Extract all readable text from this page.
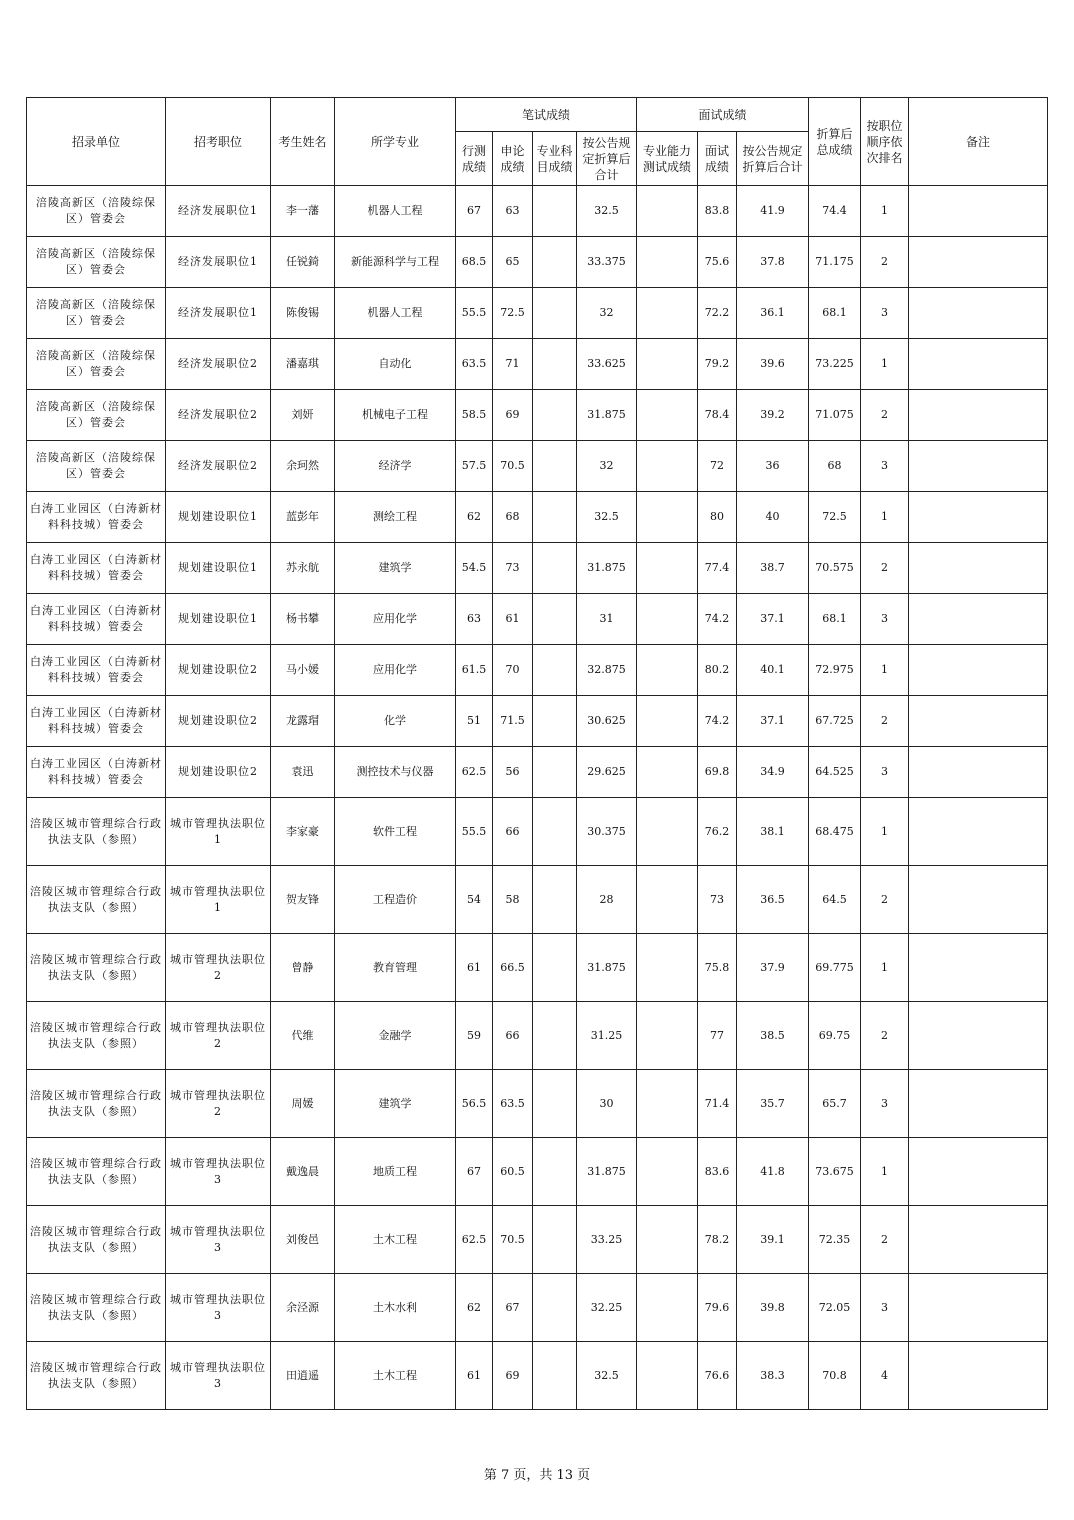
招录单位	招考职位	考生姓名	所学专业	笔试成绩				面试成绩			折算后总成绩	按职位顺序依次排名	备注
				行测成绩	申论成绩	专业科目成绩	按公告规定折算后合计	专业能力测试成绩	面试成绩	按公告规定折算后合计			
涪陵高新区（涪陵综保区）管委会	经济发展职位1	李一藩	机器人工程	67	63		32.5		83.8	41.9	74.4	1	
涪陵高新区（涪陵综保区）管委会	经济发展职位1	任锐錡	新能源科学与工程	68.5	65		33.375		75.6	37.8	71.175	2	
涪陵高新区（涪陵综保区）管委会	经济发展职位1	陈俊锡	机器人工程	55.5	72.5		32		72.2	36.1	68.1	3	
涪陵高新区（涪陵综保区）管委会	经济发展职位2	潘嘉琪	自动化	63.5	71		33.625		79.2	39.6	73.225	1	
涪陵高新区（涪陵综保区）管委会	经济发展职位2	刘妍	机械电子工程	58.5	69		31.875		78.4	39.2	71.075	2	
涪陵高新区（涪陵综保区）管委会	经济发展职位2	余珂然	经济学	57.5	70.5		32		72	36	68	3	
白涛工业园区（白涛新材料科技城）管委会	规划建设职位1	蓝彭年	测绘工程	62	68		32.5		80	40	72.5	1	
白涛工业园区（白涛新材料科技城）管委会	规划建设职位1	苏永航	建筑学	54.5	73		31.875		77.4	38.7	70.575	2	
白涛工业园区（白涛新材料科技城）管委会	规划建设职位1	杨书攀	应用化学	63	61		31		74.2	37.1	68.1	3	
白涛工业园区（白涛新材料科技城）管委会	规划建设职位2	马小媛	应用化学	61.5	70		32.875		80.2	40.1	72.975	1	
白涛工业园区（白涛新材料科技城）管委会	规划建设职位2	龙露瑁	化学	51	71.5		30.625		74.2	37.1	67.725	2	
白涛工业园区（白涛新材料科技城）管委会	规划建设职位2	袁迅	测控技术与仪器	62.5	56		29.625		69.8	34.9	64.525	3	
涪陵区城市管理综合行政执法支队（参照）	城市管理执法职位1	李家豪	软件工程	55.5	66		30.375		76.2	38.1	68.475	1	
涪陵区城市管理综合行政执法支队（参照）	城市管理执法职位1	贺友锋	工程造价	54	58		28		73	36.5	64.5	2	
涪陵区城市管理综合行政执法支队（参照）	城市管理执法职位2	曾静	教育管理	61	66.5		31.875		75.8	37.9	69.775	1	
涪陵区城市管理综合行政执法支队（参照）	城市管理执法职位2	代维	金融学	59	66		31.25		77	38.5	69.75	2	
涪陵区城市管理综合行政执法支队（参照）	城市管理执法职位2	周媛	建筑学	56.5	63.5		30		71.4	35.7	65.7	3	
涪陵区城市管理综合行政执法支队（参照）	城市管理执法职位3	戴逸晨	地质工程	67	60.5		31.875		83.6	41.8	73.675	1	
涪陵区城市管理综合行政执法支队（参照）	城市管理执法职位3	刘俊邑	土木工程	62.5	70.5		33.25		78.2	39.1	72.35	2	
涪陵区城市管理综合行政执法支队（参照）	城市管理执法职位3	余泾源	土木水利	62	67		32.25		79.6	39.8	72.05	3	
涪陵区城市管理综合行政执法支队（参照）	城市管理执法职位3	田逍遥	土木工程	61	69		32.5		76.6	38.3	70.8	4	
第 7 页，共 13 页
